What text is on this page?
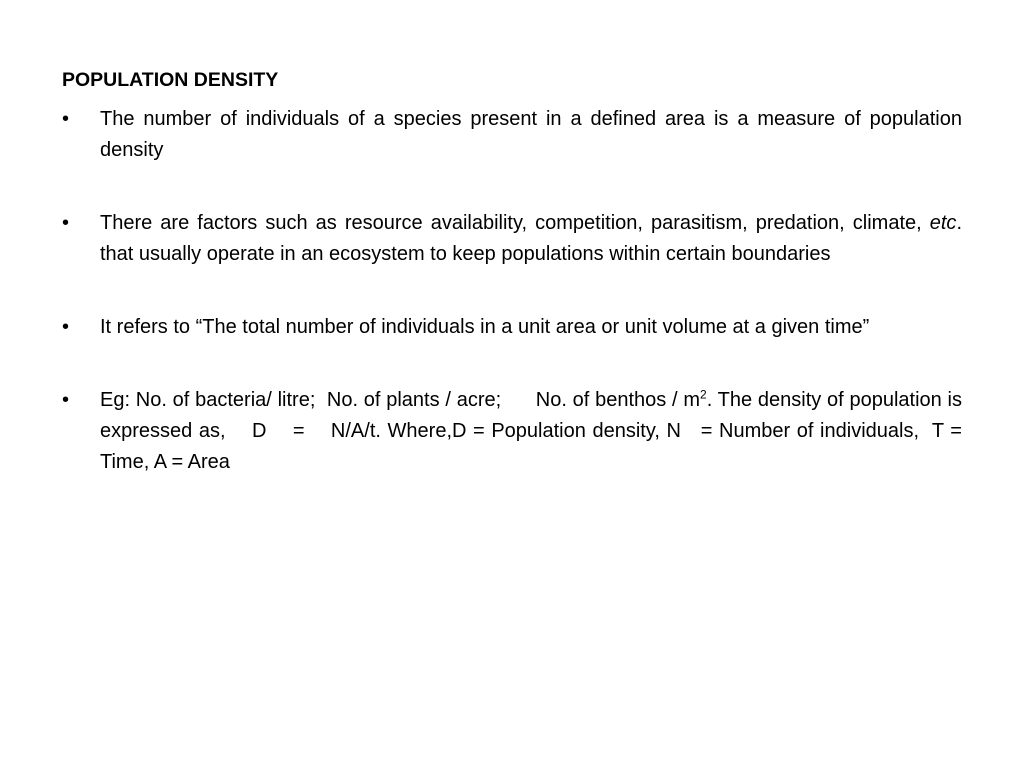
POPULATION DENSITY
•	The number of individuals of a species present in a defined area is a measure of population density
•	There are factors such as resource availability, competition, parasitism, predation, climate, etc. that usually operate in an ecosystem to keep populations within certain boundaries
•	It refers to “The total number of individuals in a unit area or unit volume at a given time”
•	Eg: No. of bacteria/ litre;  No. of plants / acre;      No. of benthos / $m^2$. The density of population is expressed as,    D    =    N/A/t. Where,D = Population density, N   = Number of individuals,  T = Time, A = Area
